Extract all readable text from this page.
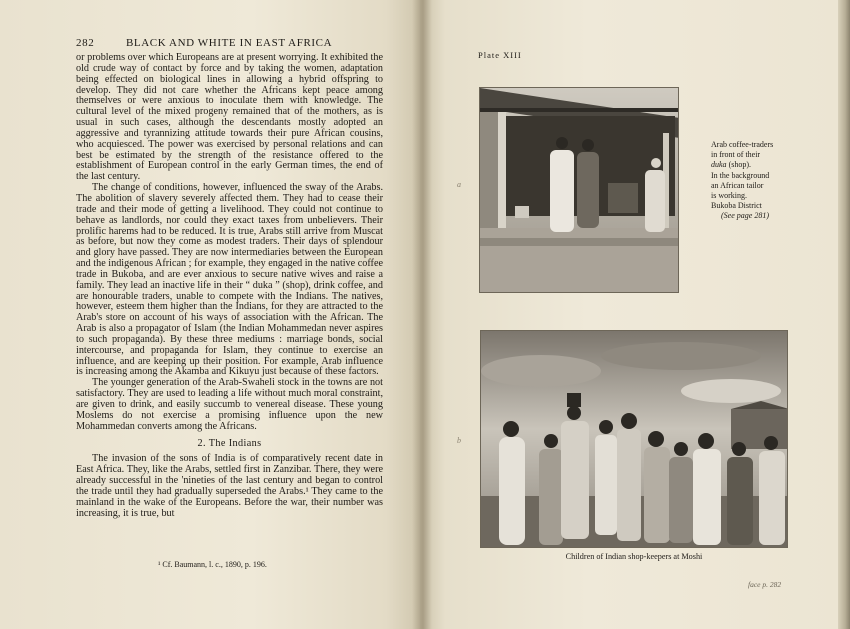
282	BLACK AND WHITE IN EAST AFRICA

or problems over which Europeans are at present worrying. It exhibited the old crude way of contact by force and by taking the women, adaptation being effected on biological lines in allowing a hybrid offspring to develop. They did not care whether the Africans kept peace among themselves or were anxious to inoculate them with knowledge. The cultural level of the mixed progeny remained that of the mothers, as is usual in such cases, although the descendants mostly adopted an aggressive and tyrannizing attitude towards their pure African cousins, who acquiesced. The power was exercised by personal relations and can best be estimated by the strength of the resistance offered to the establishment of European control in the early German times, the end of the last century.

The change of conditions, however, influenced the sway of the Arabs. The abolition of slavery severely affected them. They had to cease their trade and their mode of getting a livelihood. They could not continue to behave as landlords, nor could they exact taxes from unbelievers. Their prolific harems had to be reduced. It is true, Arabs still arrive from Muscat as before, but now they come as modest traders. Their days of splendour and glory have passed. They are now intermediaries between the European and the indigenous African ; for example, they engaged in the native coffee trade in Bukoba, and are ever anxious to secure native wives and raise a family. They lead an inactive life in their “ duka ” (shop), drink coffee, and are honourable traders, unable to compete with the Indians. The natives, however, esteem them higher than the Indians, for they are attracted to the Arab's store on account of his ways of association with the African. The Arab is also a propagator of Islam (the Indian Mohammedan never aspires to such propaganda). By these three mediums : marriage bonds, social intercourse, and propaganda for Islam, they continue to exercise an influence, and are keeping up their position. For example, Arab influence is increasing among the Akamba and Kikuyu just because of these factors.

The younger generation of the Arab-Swaheli stock in the towns are not satisfactory. They are used to leading a life without much moral constraint, are given to drink, and easily succumb to venereal disease. These young Moslems do not exercise a promising influence upon the new Mohammedan converts among the Africans.

2. The Indians

The invasion of the sons of India is of comparatively recent date in East Africa. They, like the Arabs, settled first in Zanzibar. There, they were already successful in the 'nineties of the last century and began to control the trade until they had gradually superseded the Arabs.¹ They came to the mainland in the wake of the Europeans. Before the war, their number was increasing, it is true, but

¹ Cf. Baumann, l. c., 1890, p. 196.
Plate XIII
a
b
Arab coffee-traders
in front of their
duka (shop).
In the background
an African tailor
is working.
Bukoba District
(See page 281)
Children of Indian shop-keepers at Moshi
face p. 282
